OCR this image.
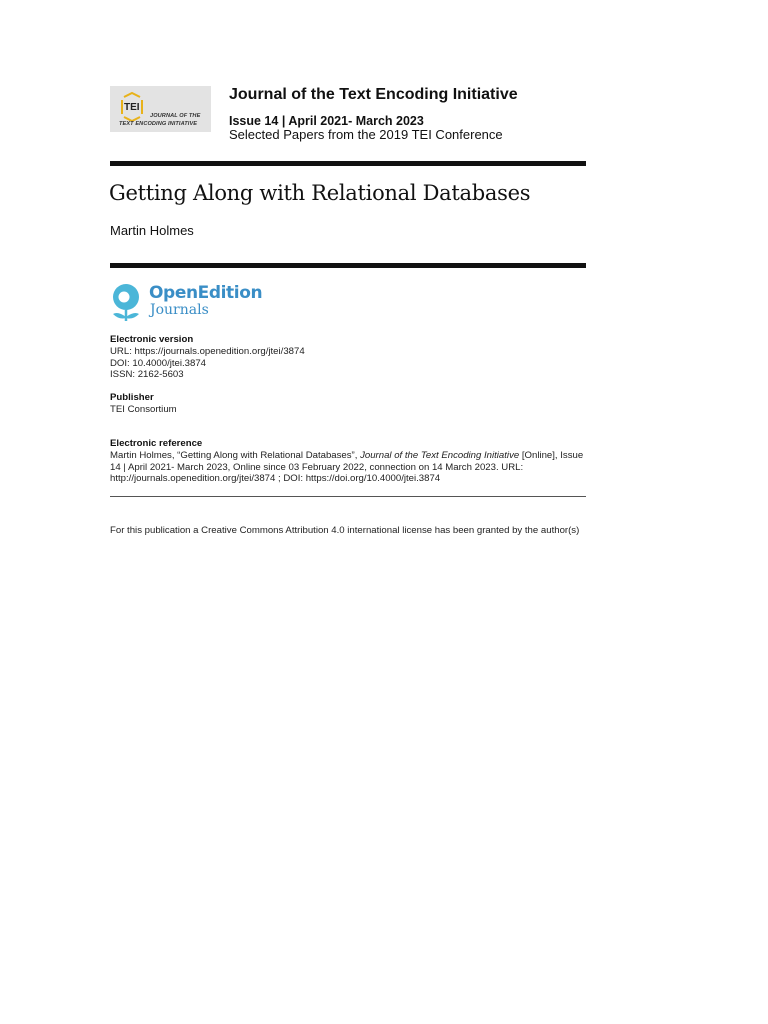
TEI
JOURNAL OF THE
TEXT ENCODING INITIATIVE
Journal of the Text Encoding Initiative
Issue 14 | April 2021- March 2023
Selected Papers from the 2019 TEI Conference
Getting Along with Relational Databases
Martin Holmes
OpenEdition
Journals
Electronic version
URL: https://journals.openedition.org/jtei/3874
DOI: 10.4000/jtei.3874
ISSN: 2162-5603
Publisher
TEI Consortium
Electronic reference
Martin Holmes, “Getting Along with Relational Databases”, Journal of the Text Encoding Initiative [Online], Issue 14 | April 2021- March 2023, Online since 03 February 2022, connection on 14 March 2023. URL: http://journals.openedition.org/jtei/3874 ; DOI: https://doi.org/10.4000/jtei.3874
For this publication a Creative Commons Attribution 4.0 international license has been granted by the author(s)
